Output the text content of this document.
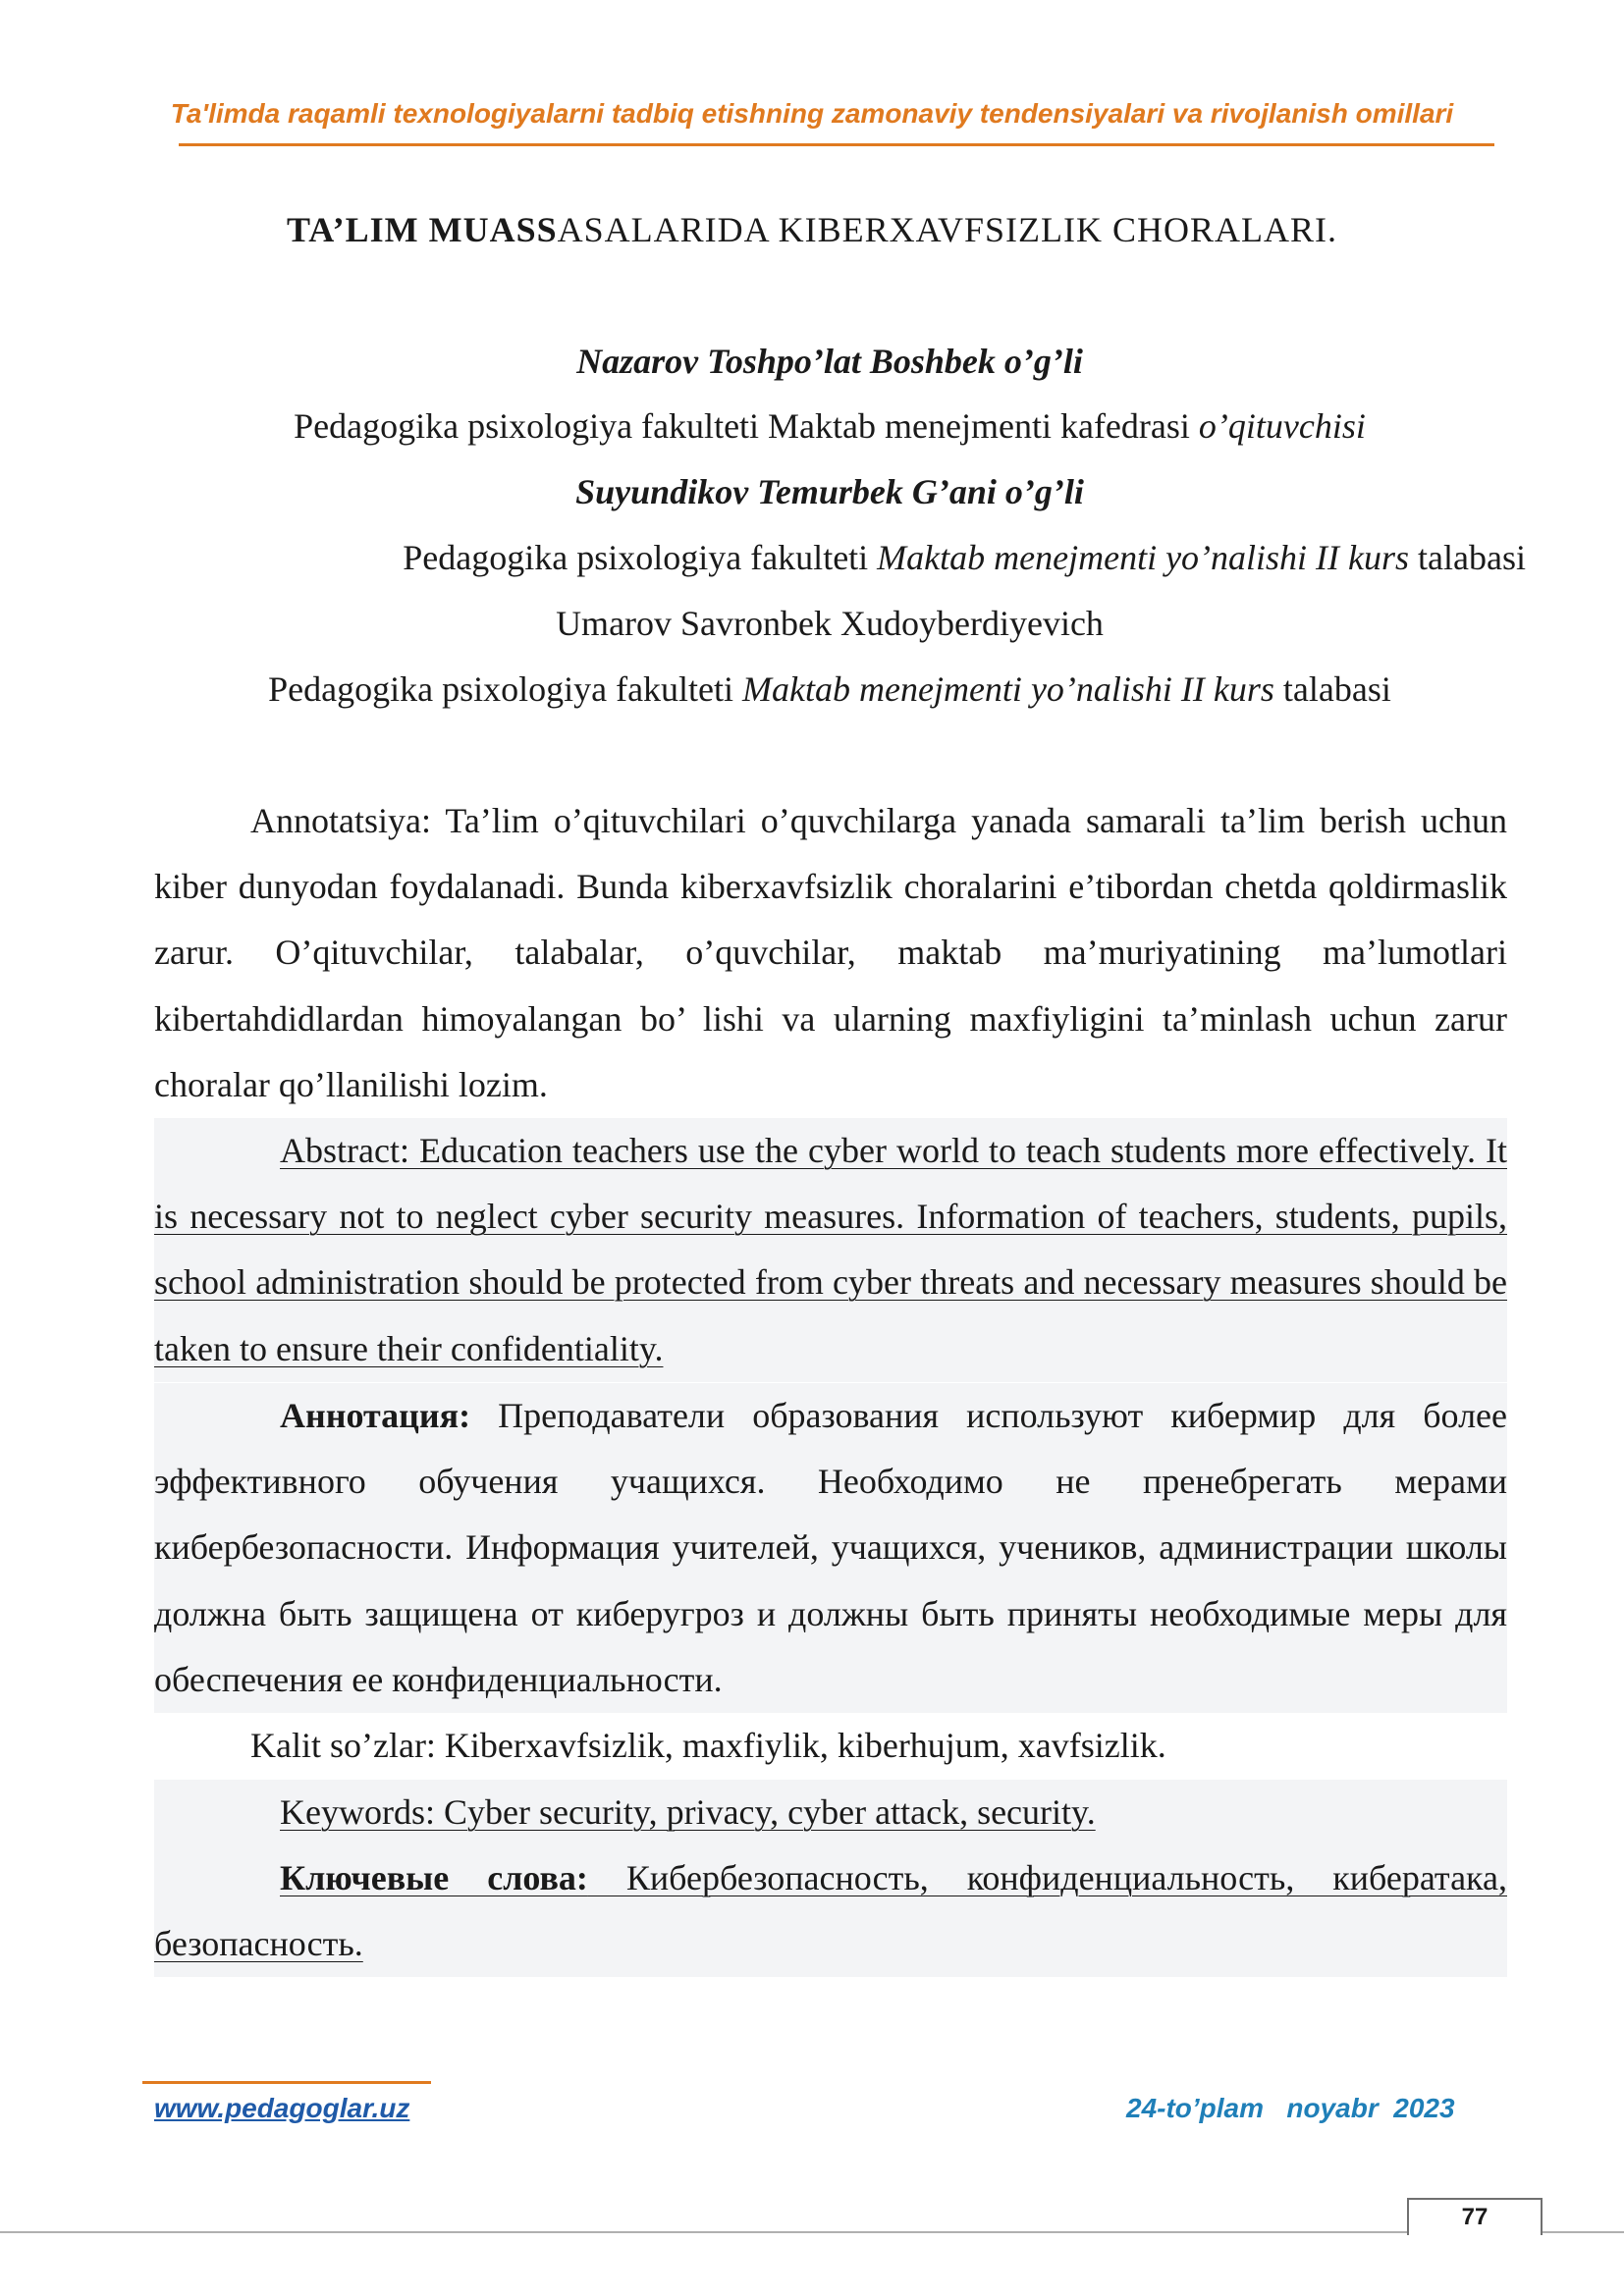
Ta'limda raqamli texnologiyalarni tadbiq etishning zamonaviy tendensiyalari va rivojlanish omillari
TA’LIM MUASSASALARIDA KIBERXAVFSIZLIK CHORALARI.
Nazarov Toshpo’lat Boshbek o’g’li
Pedagogika psixologiya fakulteti Maktab menejmenti kafedrasi o’qituvchisi
Suyundikov Temurbek G’ani o’g’li
Pedagogika psixologiya fakulteti Maktab menejmenti yo’nalishi II kurs talabasi
Umarov Savronbek Xudoyberdiyevich
Pedagogika psixologiya fakulteti Maktab menejmenti yo’nalishi II kurs talabasi
Annotatsiya: Ta’lim o’qituvchilari o’quvchilarga yanada samarali ta’lim berish uchun kiber dunyodan foydalanadi. Bunda kiberxavfsizlik choralarini e’tibordan chetda qoldirmaslik zarur. O’qituvchilar, talabalar, o’quvchilar, maktab ma’muriyatining ma’lumotlari kibertahdidlardan himoyalangan bo’ lishi va ularning maxfiyligini ta’minlash uchun zarur choralar qo’llanilishi lozim.
Abstract: Education teachers use the cyber world to teach students more effectively. It is necessary not to neglect cyber security measures. Information of teachers, students, pupils, school administration should be protected from cyber threats and necessary measures should be taken to ensure their confidentiality.
Аннотация: Преподаватели образования используют кибермир для более эффективного обучения учащихся. Необходимо не пренебрегать мерами кибербезопасности. Информация учителей, учащихся, учеников, администрации школы должна быть защищена от киберугроз и должны быть приняты необходимые меры для обеспечения ее конфиденциальности.
Kalit so’zlar: Kiberxavfsizlik, maxfiylik, kiberhujum, xavfsizlik.
Keywords: Cyber security, privacy, cyber attack, security.
Ключевые слова: Кибербезопасность, конфиденциальность, кибератака, безопасность.
www.pedagoglar.uz	24-to’plam   noyabr  2023
77
